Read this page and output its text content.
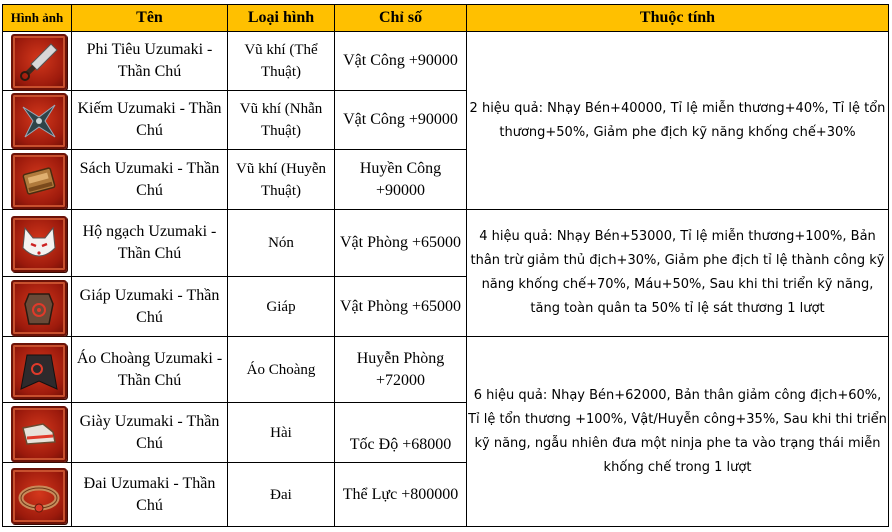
Hình ảnh	Tên	Loại hình	Chỉ số	Thuộc tính

	Phi Tiêu Uzumaki - Thần Chú	Vũ khí (Thể Thuật)	Vật Công +90000	2 hiệu quả: Nhạy Bén+40000, Tỉ lệ miễn thương+40%, Tỉ lệ tổn thương+50%, Giảm phe địch kỹ năng khống chế+30%

	Kiếm Uzumaki - Thần Chú	Vũ khí (Nhẫn Thuật)	Vật Công +90000	

	Sách Uzumaki - Thần Chú	Vũ khí (Huyễn Thuật)	Huyền Công +90000	

	Hộ ngạch Uzumaki - Thần Chú	Nón	Vật Phòng +65000	4 hiệu quả: Nhạy Bén+53000, Tỉ lệ miễn thương+100%, Bản thân trừ giảm thủ địch+30%, Giảm phe địch tỉ lệ thành công kỹ năng khống chế+70%, Máu+50%, Sau khi thi triển kỹ năng, tăng toàn quân ta 50% tỉ lệ sát thương 1 lượt

	Giáp Uzumaki - Thần Chú	Giáp	Vật Phòng +65000	

	Áo Choàng Uzumaki - Thần Chú	Áo Choàng	Huyễn Phòng +72000	6 hiệu quả: Nhạy Bén+62000, Bản thân giảm công địch+60%, Tỉ lệ tổn thương +100%, Vật/Huyễn công+35%, Sau khi thi triển kỹ năng, ngẫu nhiên đưa một ninja phe ta vào trạng thái miễn khống chế trong 1 lượt

	Giày Uzumaki - Thần Chú	Hài	Tốc Độ +68000	

	Đai Uzumaki - Thần Chú	Đai	Thể Lực +800000	
